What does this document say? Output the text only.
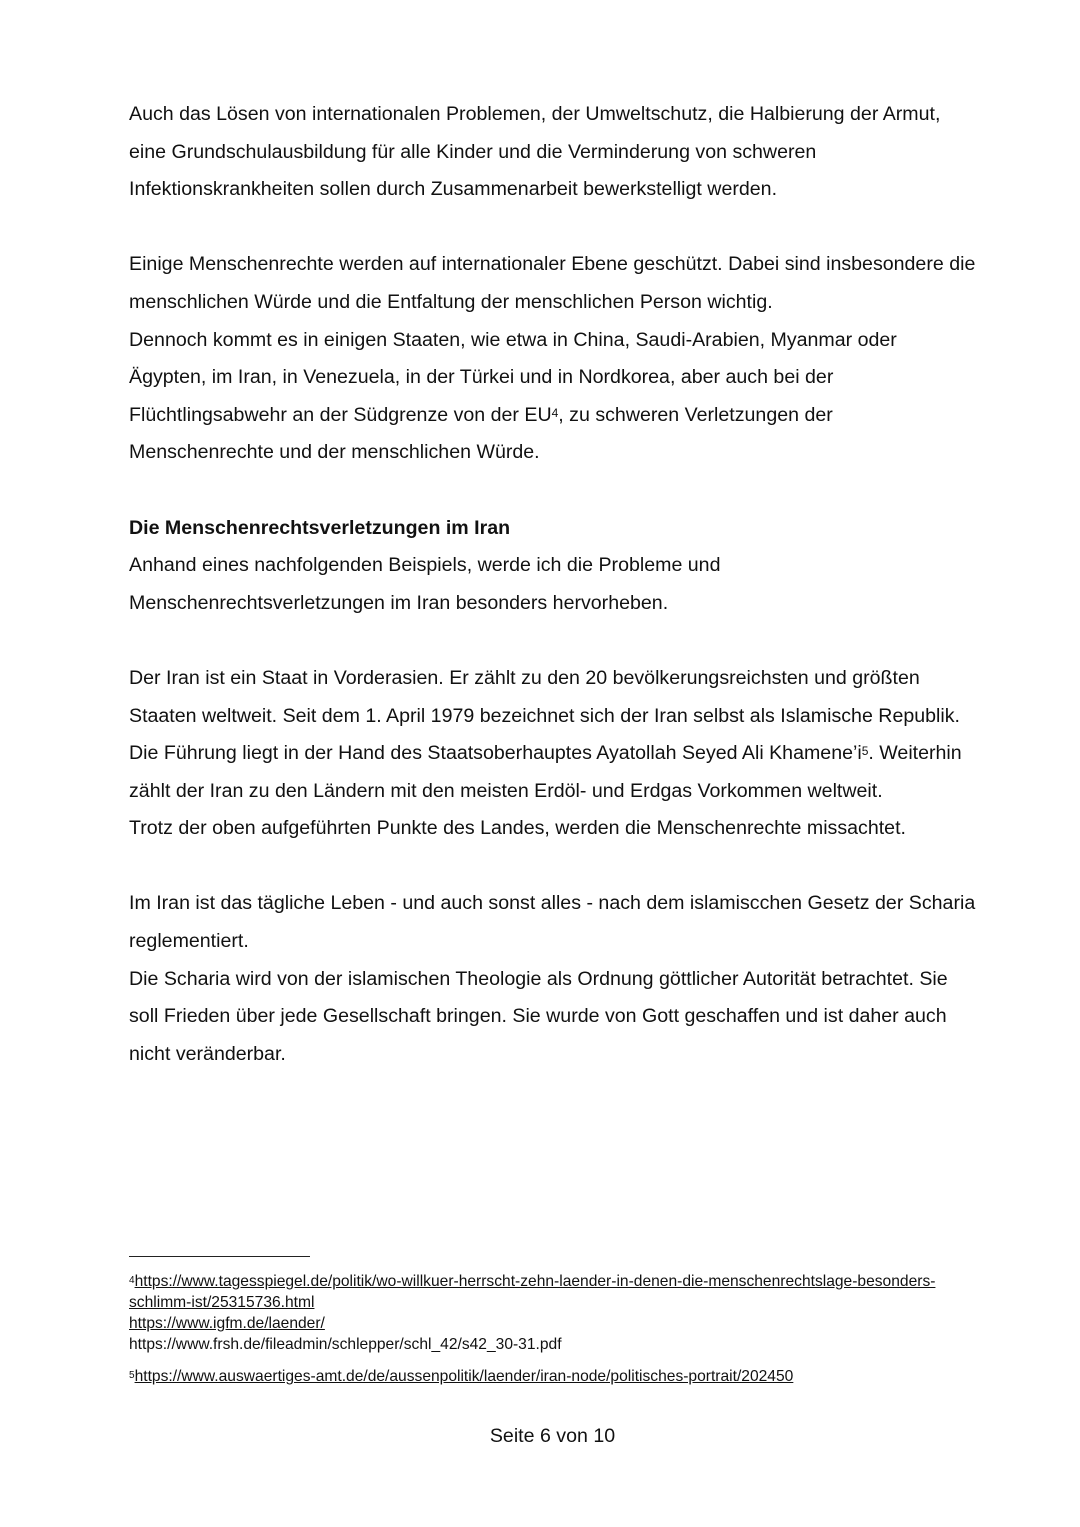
Auch das Lösen von internationalen Problemen, der Umweltschutz, die Halbierung der Armut, eine Grundschulausbildung für alle Kinder und die Verminderung von schweren Infektionskrankheiten sollen durch Zusammenarbeit bewerkstelligt werden.

Einige Menschenrechte werden auf internationaler Ebene geschützt. Dabei sind insbesondere die menschlichen Würde und die Entfaltung der menschlichen Person wichtig.

Dennoch kommt es in einigen Staaten, wie etwa in China, Saudi-Arabien, Myanmar oder Ägypten, im Iran, in Venezuela, in der Türkei und in Nordkorea, aber auch bei der Flüchtlingsabwehr an der Südgrenze von der EU$^4$, zu schweren Verletzungen der Menschenrechte und der menschlichen Würde.

Die Menschenrechtsverletzungen im Iran

Anhand eines nachfolgenden Beispiels, werde ich die Probleme und Menschenrechtsverletzungen im Iran besonders hervorheben.

Der Iran ist ein Staat in Vorderasien. Er zählt zu den 20 bevölkerungsreichsten und größten Staaten weltweit. Seit dem 1. April 1979 bezeichnet sich der Iran selbst als Islamische Republik. Die Führung liegt in der Hand des Staatsoberhauptes Ayatollah Seyed Ali Khamene’i$^5$. Weiterhin zählt der Iran zu den Ländern mit den meisten Erdöl- und Erdgas Vorkommen weltweit.

Trotz der oben aufgeführten Punkte des Landes, werden die Menschenrechte missachtet.

Im Iran ist das tägliche Leben - und auch sonst alles - nach dem islamiscchen Gesetz der Scharia reglementiert.

Die Scharia wird von der islamischen Theologie als Ordnung göttlicher Autorität betrachtet. Sie soll Frieden über jede Gesellschaft bringen. Sie wurde von Gott geschaffen und ist daher auch nicht veränderbar.

$^4$https://www.tagesspiegel.de/politik/wo-willkuer-herrscht-zehn-laender-in-denen-die-menschenrechtslage-besonders-schlimm-ist/25315736.html
https://www.igfm.de/laender/
https://www.frsh.de/fileadmin/schlepper/schl_42/s42_30-31.pdf

$^5$https://www.auswaertiges-amt.de/de/aussenpolitik/laender/iran-node/politisches-portrait/202450

Seite 6 von 10
